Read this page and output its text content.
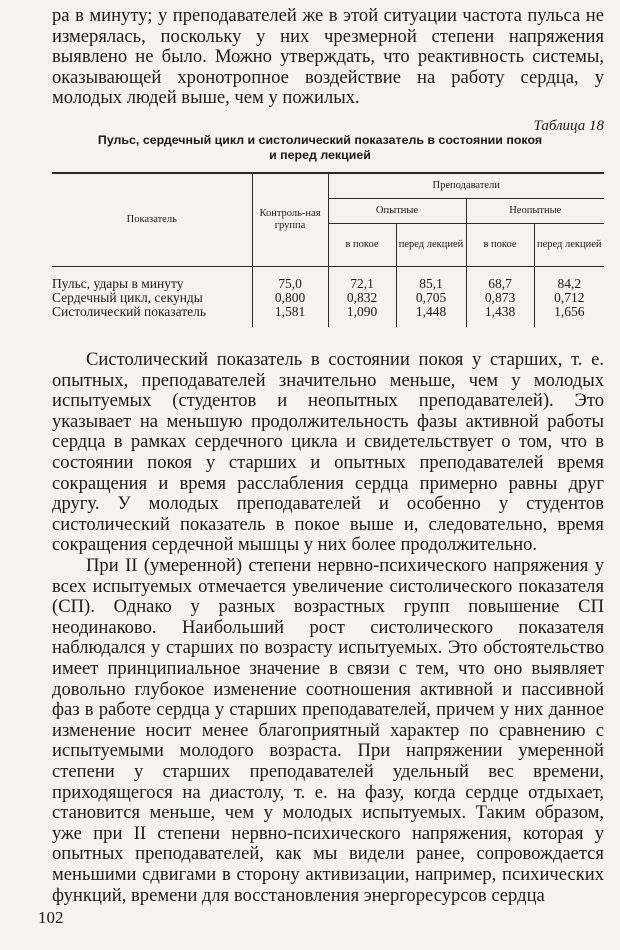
ра в минуту; у преподавателей же в этой ситуации частота пульса не измерялась, поскольку у них чрезмерной степени напряжения выявлено не было. Можно утверждать, что реактивность системы, оказывающей хронотропное воздействие на работу сердца, у молодых людей выше, чем у пожилых.

Таблица 18
Пульс, сердечный цикл и систолический показатель в состоянии покоя
и перед лекцией
Показатель	Контроль-ная группа	Преподаватели			
		Опытные		Неопытные	
		в покое	перед лекцией	в покое	перед лекцией
Пульс, удары в минуту	75,0	72,1	85,1	68,7	84,2
Сердечный цикл, секунды	0,800	0,832	0,705	0,873	0,712
Систолический показатель	1,581	1,090	1,448	1,438	1,656

Систолический показатель в состоянии покоя у старших, т. е. опытных, преподавателей значительно меньше, чем у молодых испытуемых (студентов и неопытных преподавателей). Это указывает на меньшую продолжительность фазы активной работы сердца в рамках сердечного цикла и свидетельствует о том, что в состоянии покоя у старших и опытных преподавателей время сокращения и время расслабления сердца примерно равны друг другу. У молодых преподавателей и особенно у студентов систолический показатель в покое выше и, следовательно, время сокращения сердечной мышцы у них более продолжительно.

При II (умеренной) степени нервно-психического напряжения у всех испытуемых отмечается увеличение систолического показателя (СП). Однако у разных возрастных групп повышение СП неодинаково. Наибольший рост систолического показателя наблюдался у старших по возрасту испытуемых. Это обстоятельство имеет принципиальное значение в связи с тем, что оно выявляет довольно глубокое изменение соотношения активной и пассивной фаз в работе сердца у старших преподавателей, причем у них данное изменение носит менее благоприятный характер по сравнению с испытуемыми молодого возраста. При напряжении умеренной степени у старших преподавателей удельный вес времени, приходящегося на диастолу, т. е. на фазу, когда сердце отдыхает, становится меньше, чем у молодых испытуемых. Таким образом, уже при II степени нервно-психического напряжения, которая у опытных преподавателей, как мы видели ранее, сопровождается меньшими сдвигами в сторону активизации, например, психических функций, времени для восстановления энергоресурсов сердца

102
